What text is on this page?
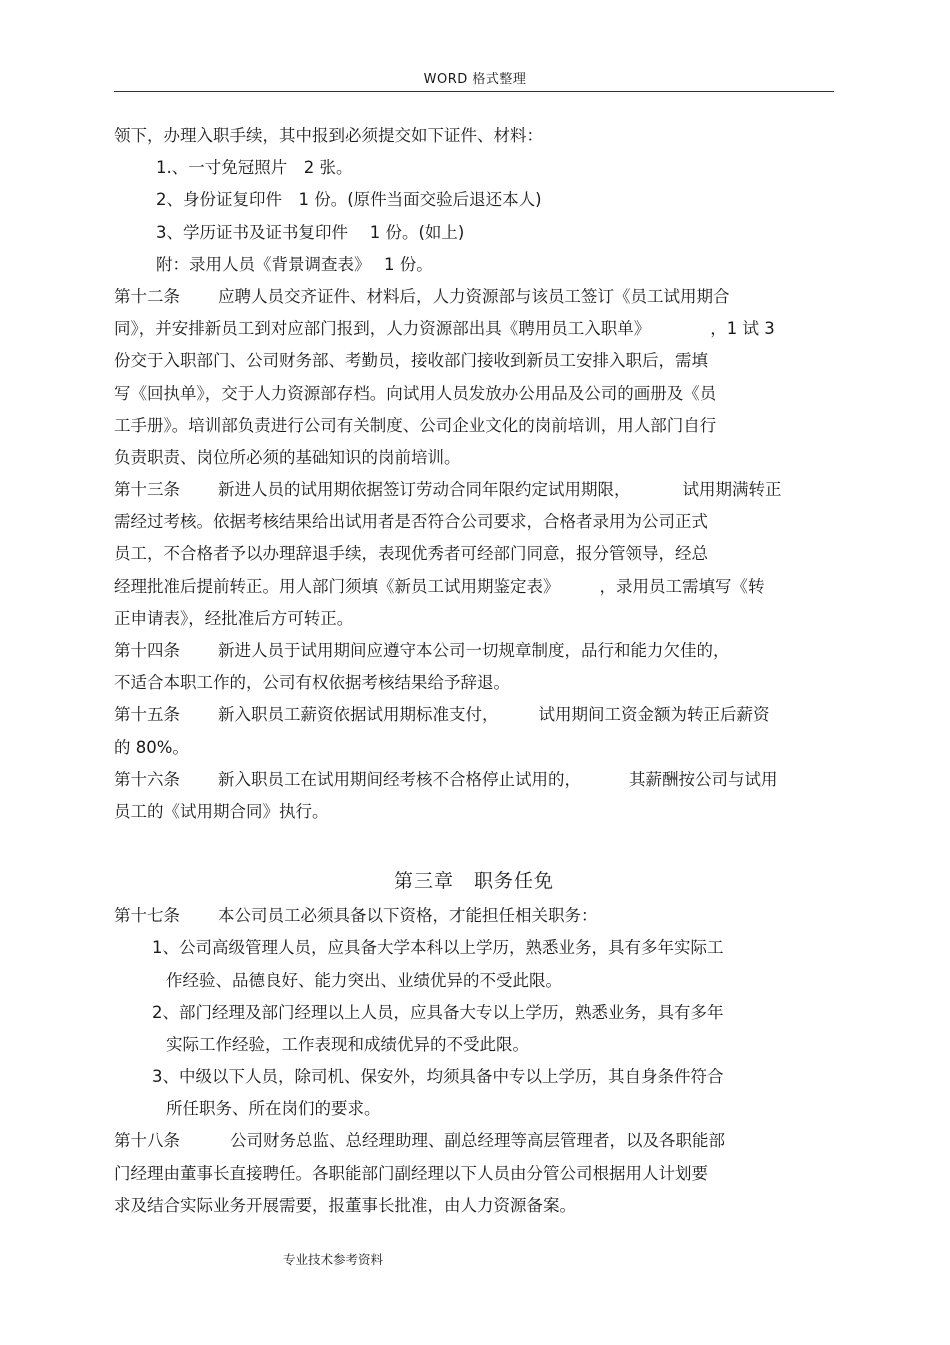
WORD 格式整理
领下，办理入职手续，其中报到必须提交如下证件、材料：
1.、一寸免冠照片　2 张。
2、身份证复印件　1 份。(原件当面交验后退还本人)
3、学历证书及证书复印件　 1 份。(如上)
附：录用人员《背景调查表》　 1 份。
第十二条 应聘人员交齐证件、材料后，人力资源部与该员工签订《员工试用期合
同》，并安排新员工到对应部门报到，人力资源部出具《聘用员工入职单》	，1 试 3
份交于入职部门、公司财务部、考勤员，接收部门接收到新员工安排入职后，需填
写《回执单》，交于人力资源部存档。向试用人员发放办公用品及公司的画册及《员
工手册》。培训部负责进行公司有关制度、公司企业文化的岗前培训，用人部门自行
负责职责、岗位所必须的基础知识的岗前培训。
第十三条 新进人员的试用期依据签订劳动合同年限约定试用期限，	试用期满转正
需经过考核。依据考核结果给出试用者是否符合公司要求，合格者录用为公司正式
员工，不合格者予以办理辞退手续，表现优秀者可经部门同意，报分管领导，经总
经理批准后提前转正。用人部门须填《新员工试用期鉴定表》 ，录用员工需填写《转
正申请表》，经批准后方可转正。
第十四条 新进人员于试用期间应遵守本公司一切规章制度，品行和能力欠佳的，
不适合本职工作的，公司有权依据考核结果给予辞退。
第十五条 新入职员工薪资依据试用期标准支付， 试用期间工资金额为转正后薪资
的 80%。
第十六条 新入职员工在试用期间经考核不合格停止试用的，	其薪酬按公司与试用
员工的《试用期合同》执行。
第三章　职务任免
第十七条 本公司员工必须具备以下资格，才能担任相关职务：
1、公司高级管理人员，应具备大学本科以上学历，熟悉业务，具有多年实际工
作经验、品德良好、能力突出、业绩优异的不受此限。
2、部门经理及部门经理以上人员，应具备大专以上学历，熟悉业务，具有多年
实际工作经验，工作表现和成绩优异的不受此限。
3、中级以下人员，除司机、保安外，均须具备中专以上学历，其自身条件符合
所任职务、所在岗们的要求。
第十八条	公司财务总监、总经理助理、副总经理等高层管理者，以及各职能部
门经理由董事长直接聘任。各职能部门副经理以下人员由分管公司根据用人计划要
求及结合实际业务开展需要，报董事长批准，由人力资源备案。
专业技术参考资料
